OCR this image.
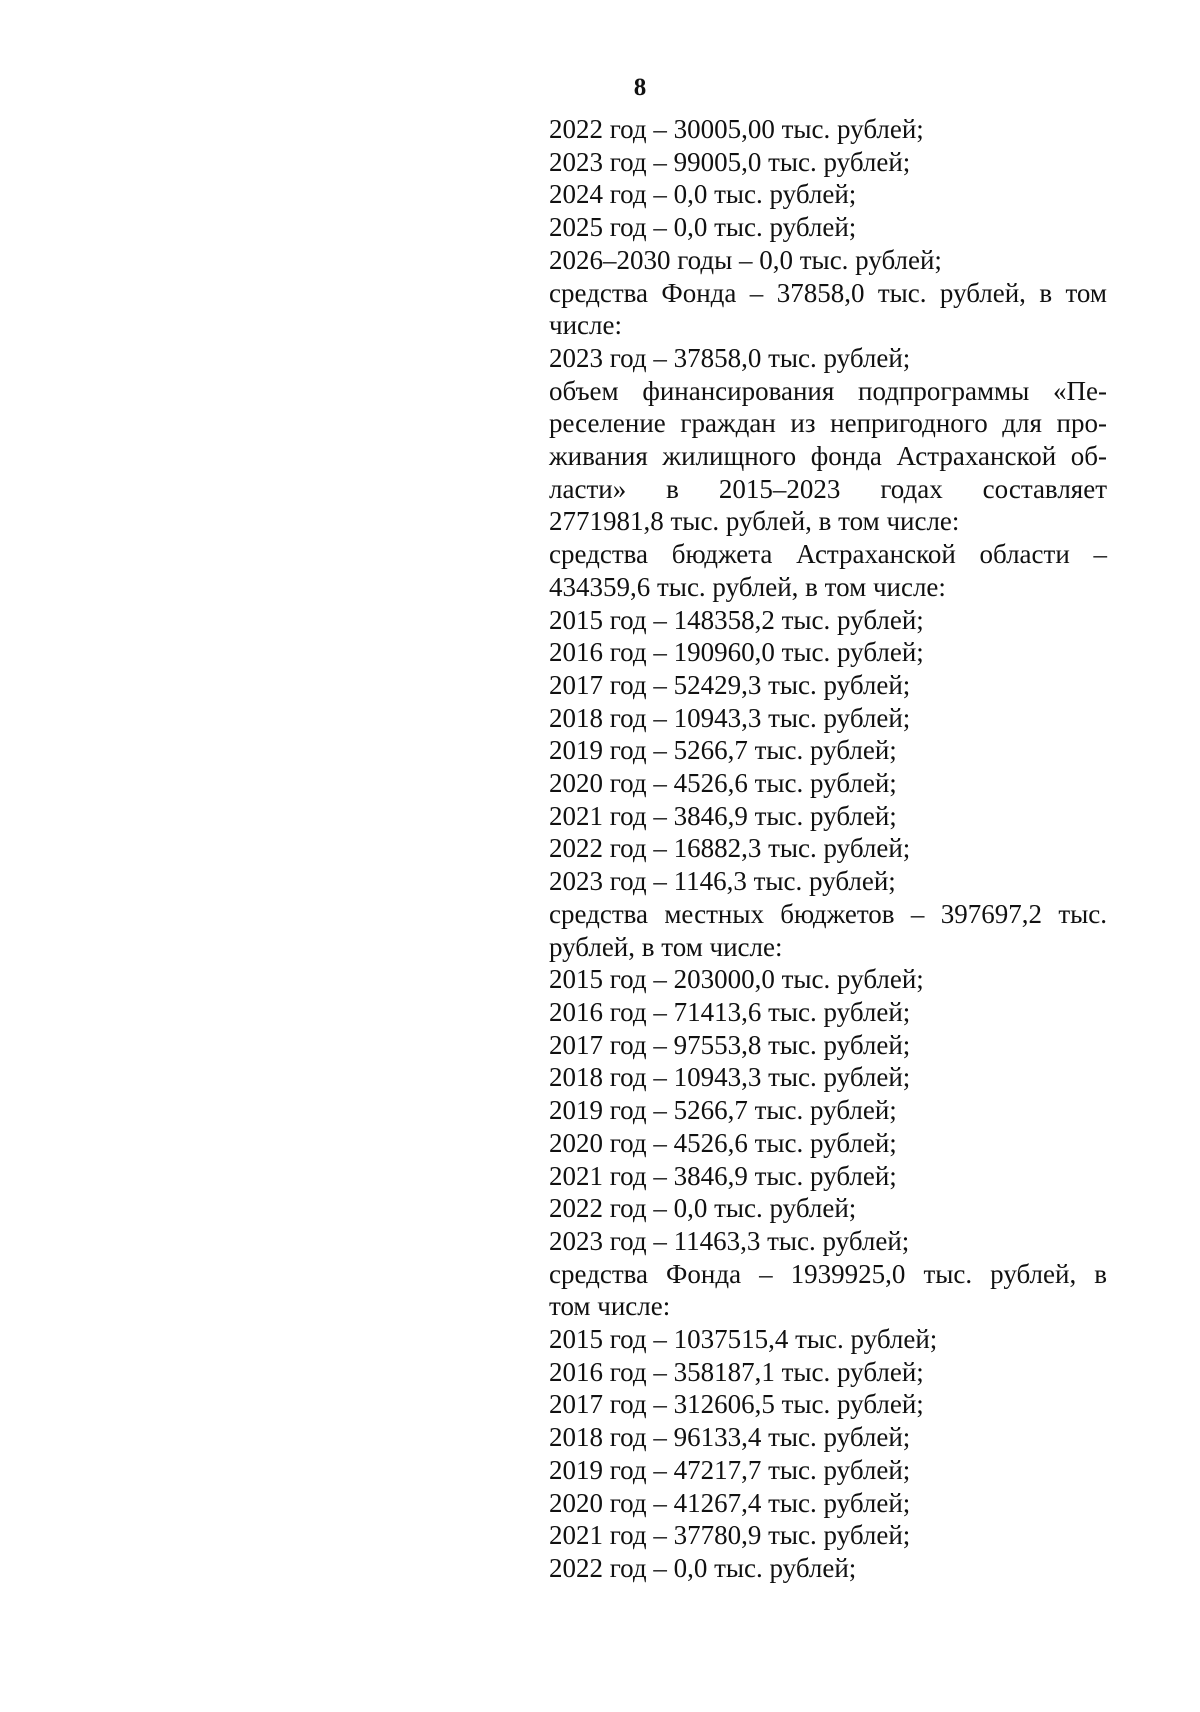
8
2022 год – 30005,00 тыс. рублей;
2023 год – 99005,0 тыс. рублей;
2024 год – 0,0 тыс. рублей;
2025 год – 0,0 тыс. рублей;
2026–2030 годы – 0,0 тыс. рублей;
средства Фонда – 37858,0 тыс. рублей, в том
числе:
2023 год – 37858,0 тыс. рублей;
объем финансирования подпрограммы «Пе-
реселение граждан из непригодного для про-
живания жилищного фонда Астраханской об-
ласти» в 2015–2023 годах составляет
2771981,8 тыс. рублей, в том числе:
средства бюджета Астраханской области –
434359,6 тыс. рублей, в том числе:
2015 год – 148358,2 тыс. рублей;
2016 год – 190960,0 тыс. рублей;
2017 год – 52429,3 тыс. рублей;
2018 год – 10943,3 тыс. рублей;
2019 год – 5266,7 тыс. рублей;
2020 год – 4526,6 тыс. рублей;
2021 год – 3846,9 тыс. рублей;
2022 год – 16882,3 тыс. рублей;
2023 год – 1146,3 тыс. рублей;
средства местных бюджетов – 397697,2 тыс.
рублей, в том числе:
2015 год – 203000,0 тыс. рублей;
2016 год – 71413,6 тыс. рублей;
2017 год – 97553,8 тыс. рублей;
2018 год – 10943,3 тыс. рублей;
2019 год – 5266,7 тыс. рублей;
2020 год – 4526,6 тыс. рублей;
2021 год – 3846,9 тыс. рублей;
2022 год – 0,0 тыс. рублей;
2023 год – 11463,3 тыс. рублей;
средства Фонда – 1939925,0 тыс. рублей, в
том числе:
2015 год – 1037515,4 тыс. рублей;
2016 год – 358187,1 тыс. рублей;
2017 год – 312606,5 тыс. рублей;
2018 год – 96133,4 тыс. рублей;
2019 год – 47217,7 тыс. рублей;
2020 год – 41267,4 тыс. рублей;
2021 год – 37780,9 тыс. рублей;
2022 год – 0,0 тыс. рублей;
